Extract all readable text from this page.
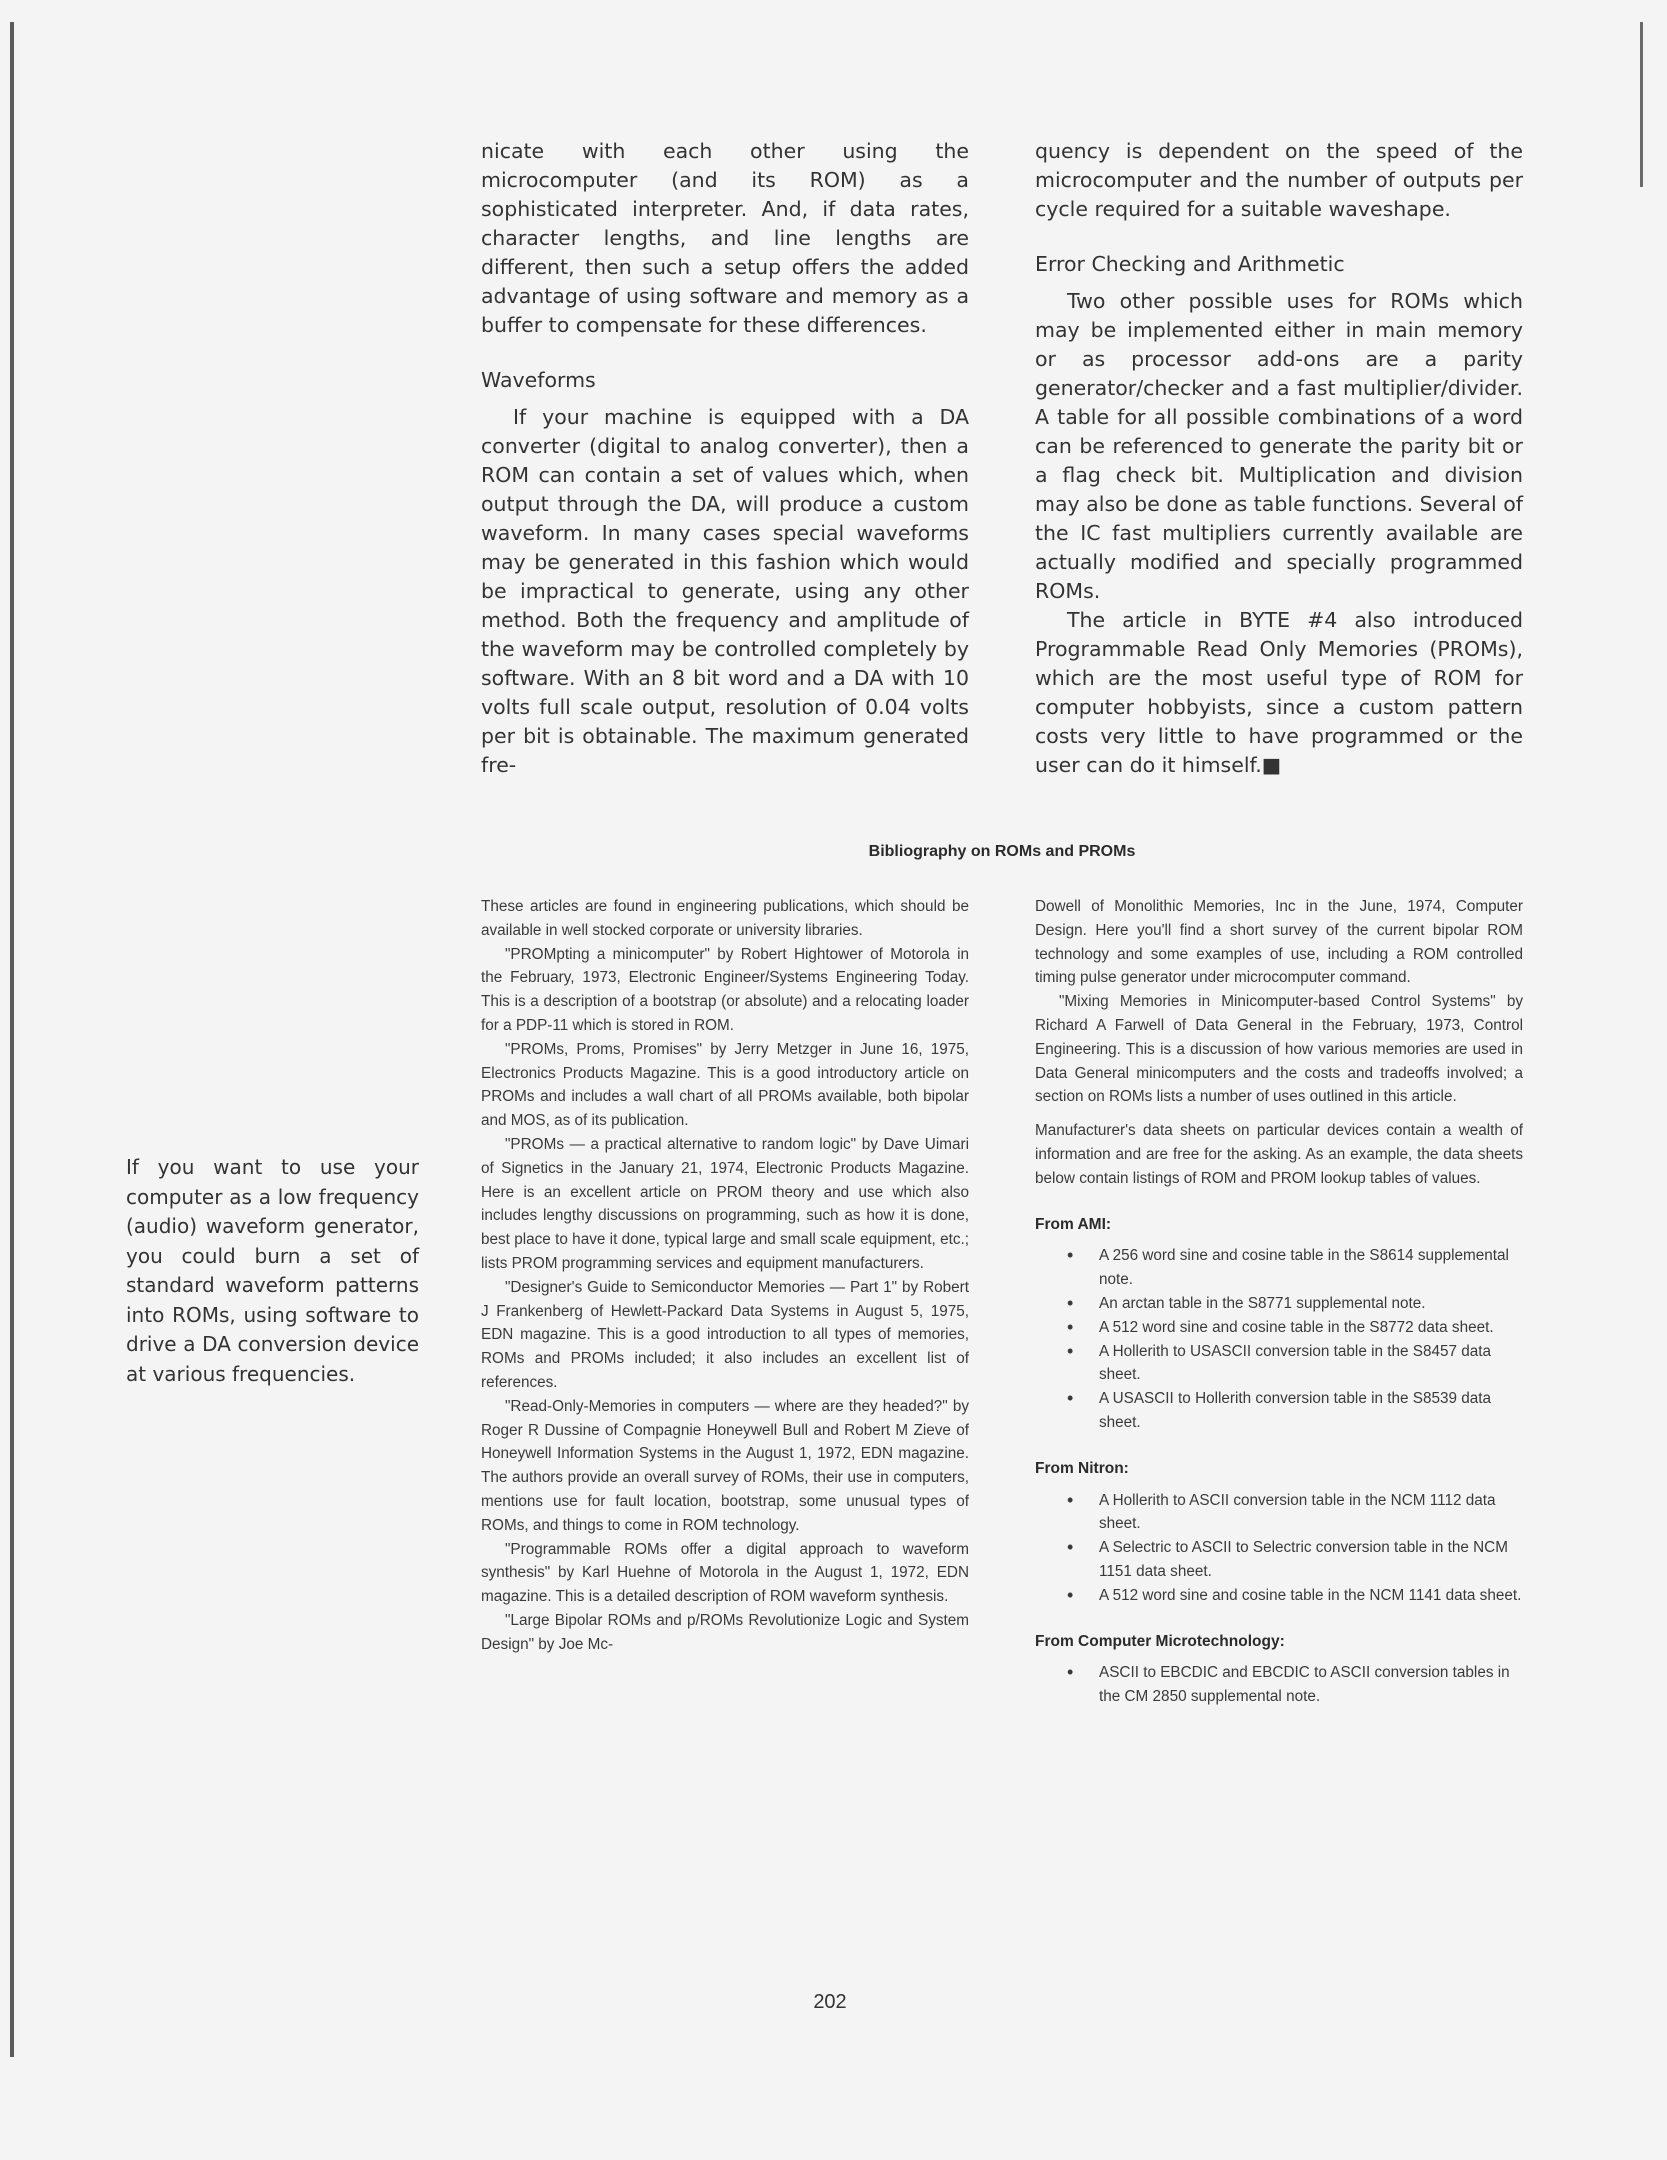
nicate with each other using the microcomputer (and its ROM) as a sophisticated interpreter. And, if data rates, character lengths, and line lengths are different, then such a setup offers the added advantage of using software and memory as a buffer to compensate for these differences.

Waveforms

If your machine is equipped with a DA converter (digital to analog converter), then a ROM can contain a set of values which, when output through the DA, will produce a custom waveform. In many cases special waveforms may be generated in this fashion which would be impractical to generate, using any other method. Both the frequency and amplitude of the waveform may be controlled completely by software. With an 8 bit word and a DA with 10 volts full scale output, resolution of 0.04 volts per bit is obtainable. The maximum generated fre-

quency is dependent on the speed of the microcomputer and the number of outputs per cycle required for a suitable waveshape.

Error Checking and Arithmetic

Two other possible uses for ROMs which may be implemented either in main memory or as processor add-ons are a parity generator/checker and a fast multiplier/divider. A table for all possible combinations of a word can be referenced to generate the parity bit or a flag check bit. Multiplication and division may also be done as table functions. Several of the IC fast multipliers currently available are actually modified and specially programmed ROMs.

The article in BYTE #4 also introduced Programmable Read Only Memories (PROMs), which are the most useful type of ROM for computer hobbyists, since a custom pattern costs very little to have programmed or the user can do it himself.■

Bibliography on ROMs and PROMs

These articles are found in engineering publications, which should be available in well stocked corporate or university libraries.

"PROMpting a minicomputer" by Robert Hightower of Motorola in the February, 1973, Electronic Engineer/Systems Engineering Today. This is a description of a bootstrap (or absolute) and a relocating loader for a PDP-11 which is stored in ROM.

"PROMs, Proms, Promises" by Jerry Metzger in June 16, 1975, Electronics Products Magazine. This is a good introductory article on PROMs and includes a wall chart of all PROMs available, both bipolar and MOS, as of its publication.

"PROMs — a practical alternative to random logic" by Dave Uimari of Signetics in the January 21, 1974, Electronic Products Magazine. Here is an excellent article on PROM theory and use which also includes lengthy discussions on programming, such as how it is done, best place to have it done, typical large and small scale equipment, etc.; lists PROM programming services and equipment manufacturers.

"Designer's Guide to Semiconductor Memories — Part 1" by Robert J Frankenberg of Hewlett-Packard Data Systems in August 5, 1975, EDN magazine. This is a good introduction to all types of memories, ROMs and PROMs included; it also includes an excellent list of references.

"Read-Only-Memories in computers — where are they headed?" by Roger R Dussine of Compagnie Honeywell Bull and Robert M Zieve of Honeywell Information Systems in the August 1, 1972, EDN magazine. The authors provide an overall survey of ROMs, their use in computers, mentions use for fault location, bootstrap, some unusual types of ROMs, and things to come in ROM technology.

"Programmable ROMs offer a digital approach to waveform synthesis" by Karl Huehne of Motorola in the August 1, 1972, EDN magazine. This is a detailed description of ROM waveform synthesis.

"Large Bipolar ROMs and p/ROMs Revolutionize Logic and System Design" by Joe Mc-

Dowell of Monolithic Memories, Inc in the June, 1974, Computer Design. Here you'll find a short survey of the current bipolar ROM technology and some examples of use, including a ROM controlled timing pulse generator under microcomputer command.

"Mixing Memories in Minicomputer-based Control Systems" by Richard A Farwell of Data General in the February, 1973, Control Engineering. This is a discussion of how various memories are used in Data General minicomputers and the costs and tradeoffs involved; a section on ROMs lists a number of uses outlined in this article.

Manufacturer's data sheets on particular devices contain a wealth of information and are free for the asking. As an example, the data sheets below contain listings of ROM and PROM lookup tables of values.

From AMI:
• A 256 word sine and cosine table in the S8614 supplemental note.
• An arctan table in the S8771 supplemental note.
• A 512 word sine and cosine table in the S8772 data sheet.
• A Hollerith to USASCII conversion table in the S8457 data sheet.
• A USASCII to Hollerith conversion table in the S8539 data sheet.
From Nitron:
• A Hollerith to ASCII conversion table in the NCM 1112 data sheet.
• A Selectric to ASCII to Selectric conversion table in the NCM 1151 data sheet.
• A 512 word sine and cosine table in the NCM 1141 data sheet.
From Computer Microtechnology:
• ASCII to EBCDIC and EBCDIC to ASCII conversion tables in the CM 2850 supplemental note.
If you want to use your computer as a low frequency (audio) waveform generator, you could burn a set of standard waveform patterns into ROMs, using software to drive a DA conversion device at various frequencies.
202
